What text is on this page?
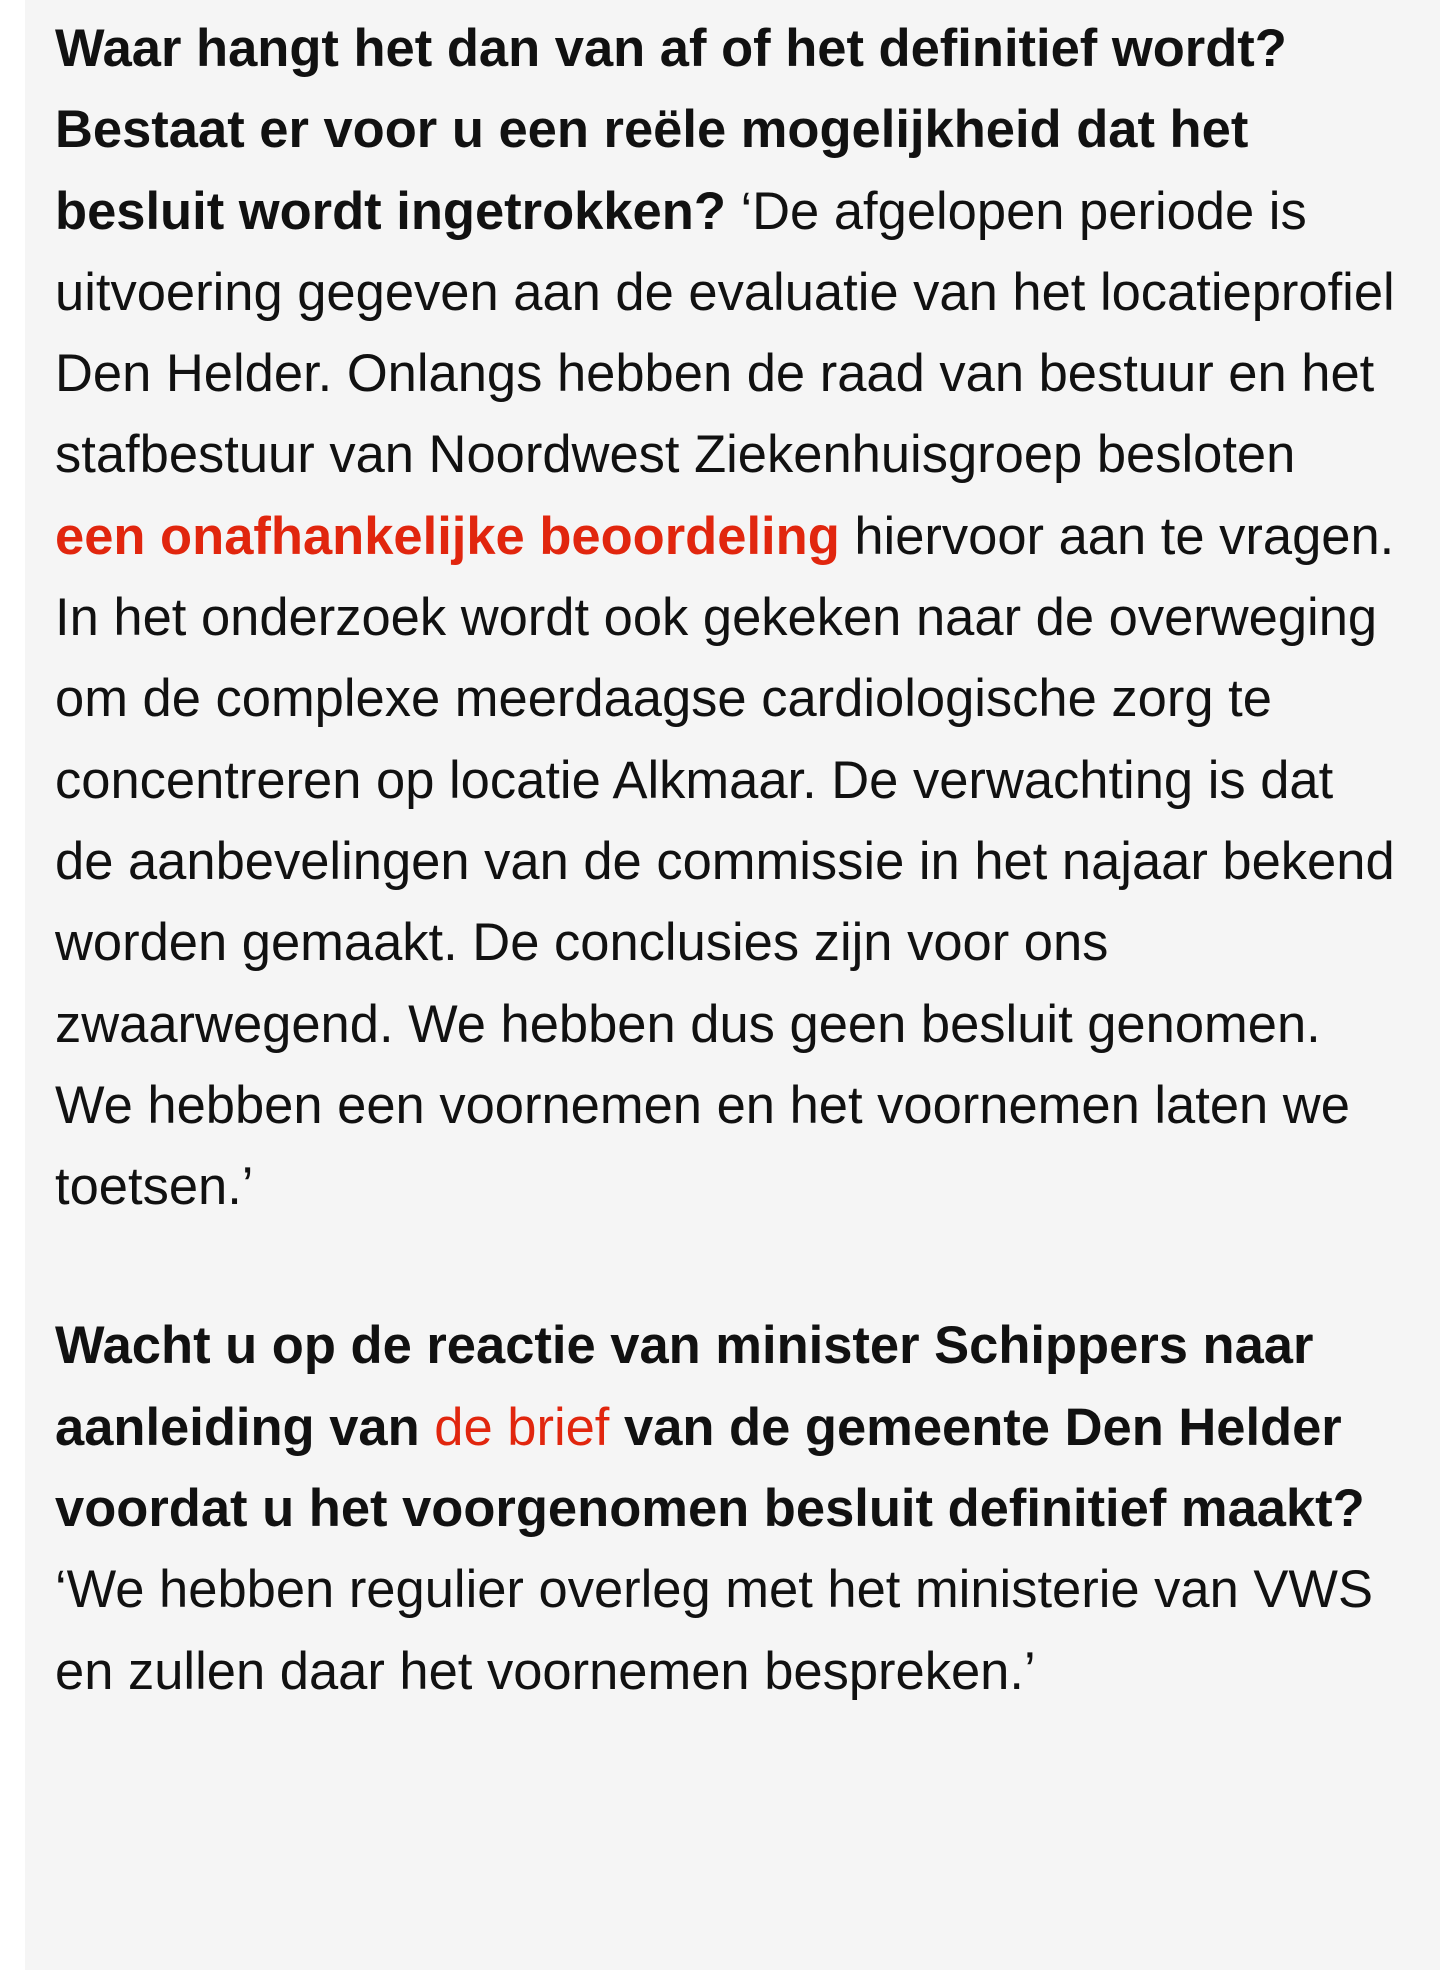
Waar hangt het dan van af of het definitief wordt? Bestaat er voor u een reële mogelijkheid dat het besluit wordt ingetrokken? ‘De afgelopen periode is uitvoering gegeven aan de evaluatie van het locatieprofiel Den Helder. Onlangs hebben de raad van bestuur en het stafbestuur van Noordwest Ziekenhuisgroep besloten een onafhankelijke beoordeling hiervoor aan te vragen. In het onderzoek wordt ook gekeken naar de overweging om de complexe meerdaagse cardiologische zorg te concentreren op locatie Alkmaar. De verwachting is dat de aanbevelingen van de commissie in het najaar bekend worden gemaakt. De conclusies zijn voor ons zwaarwegend. We hebben dus geen besluit genomen. We hebben een voornemen en het voornemen laten we toetsen.’

Wacht u op de reactie van minister Schippers naar aanleiding van de brief van de gemeente Den Helder voordat u het voorgenomen besluit definitief maakt? ‘We hebben regulier overleg met het ministerie van VWS en zullen daar het voornemen bespreken.’
